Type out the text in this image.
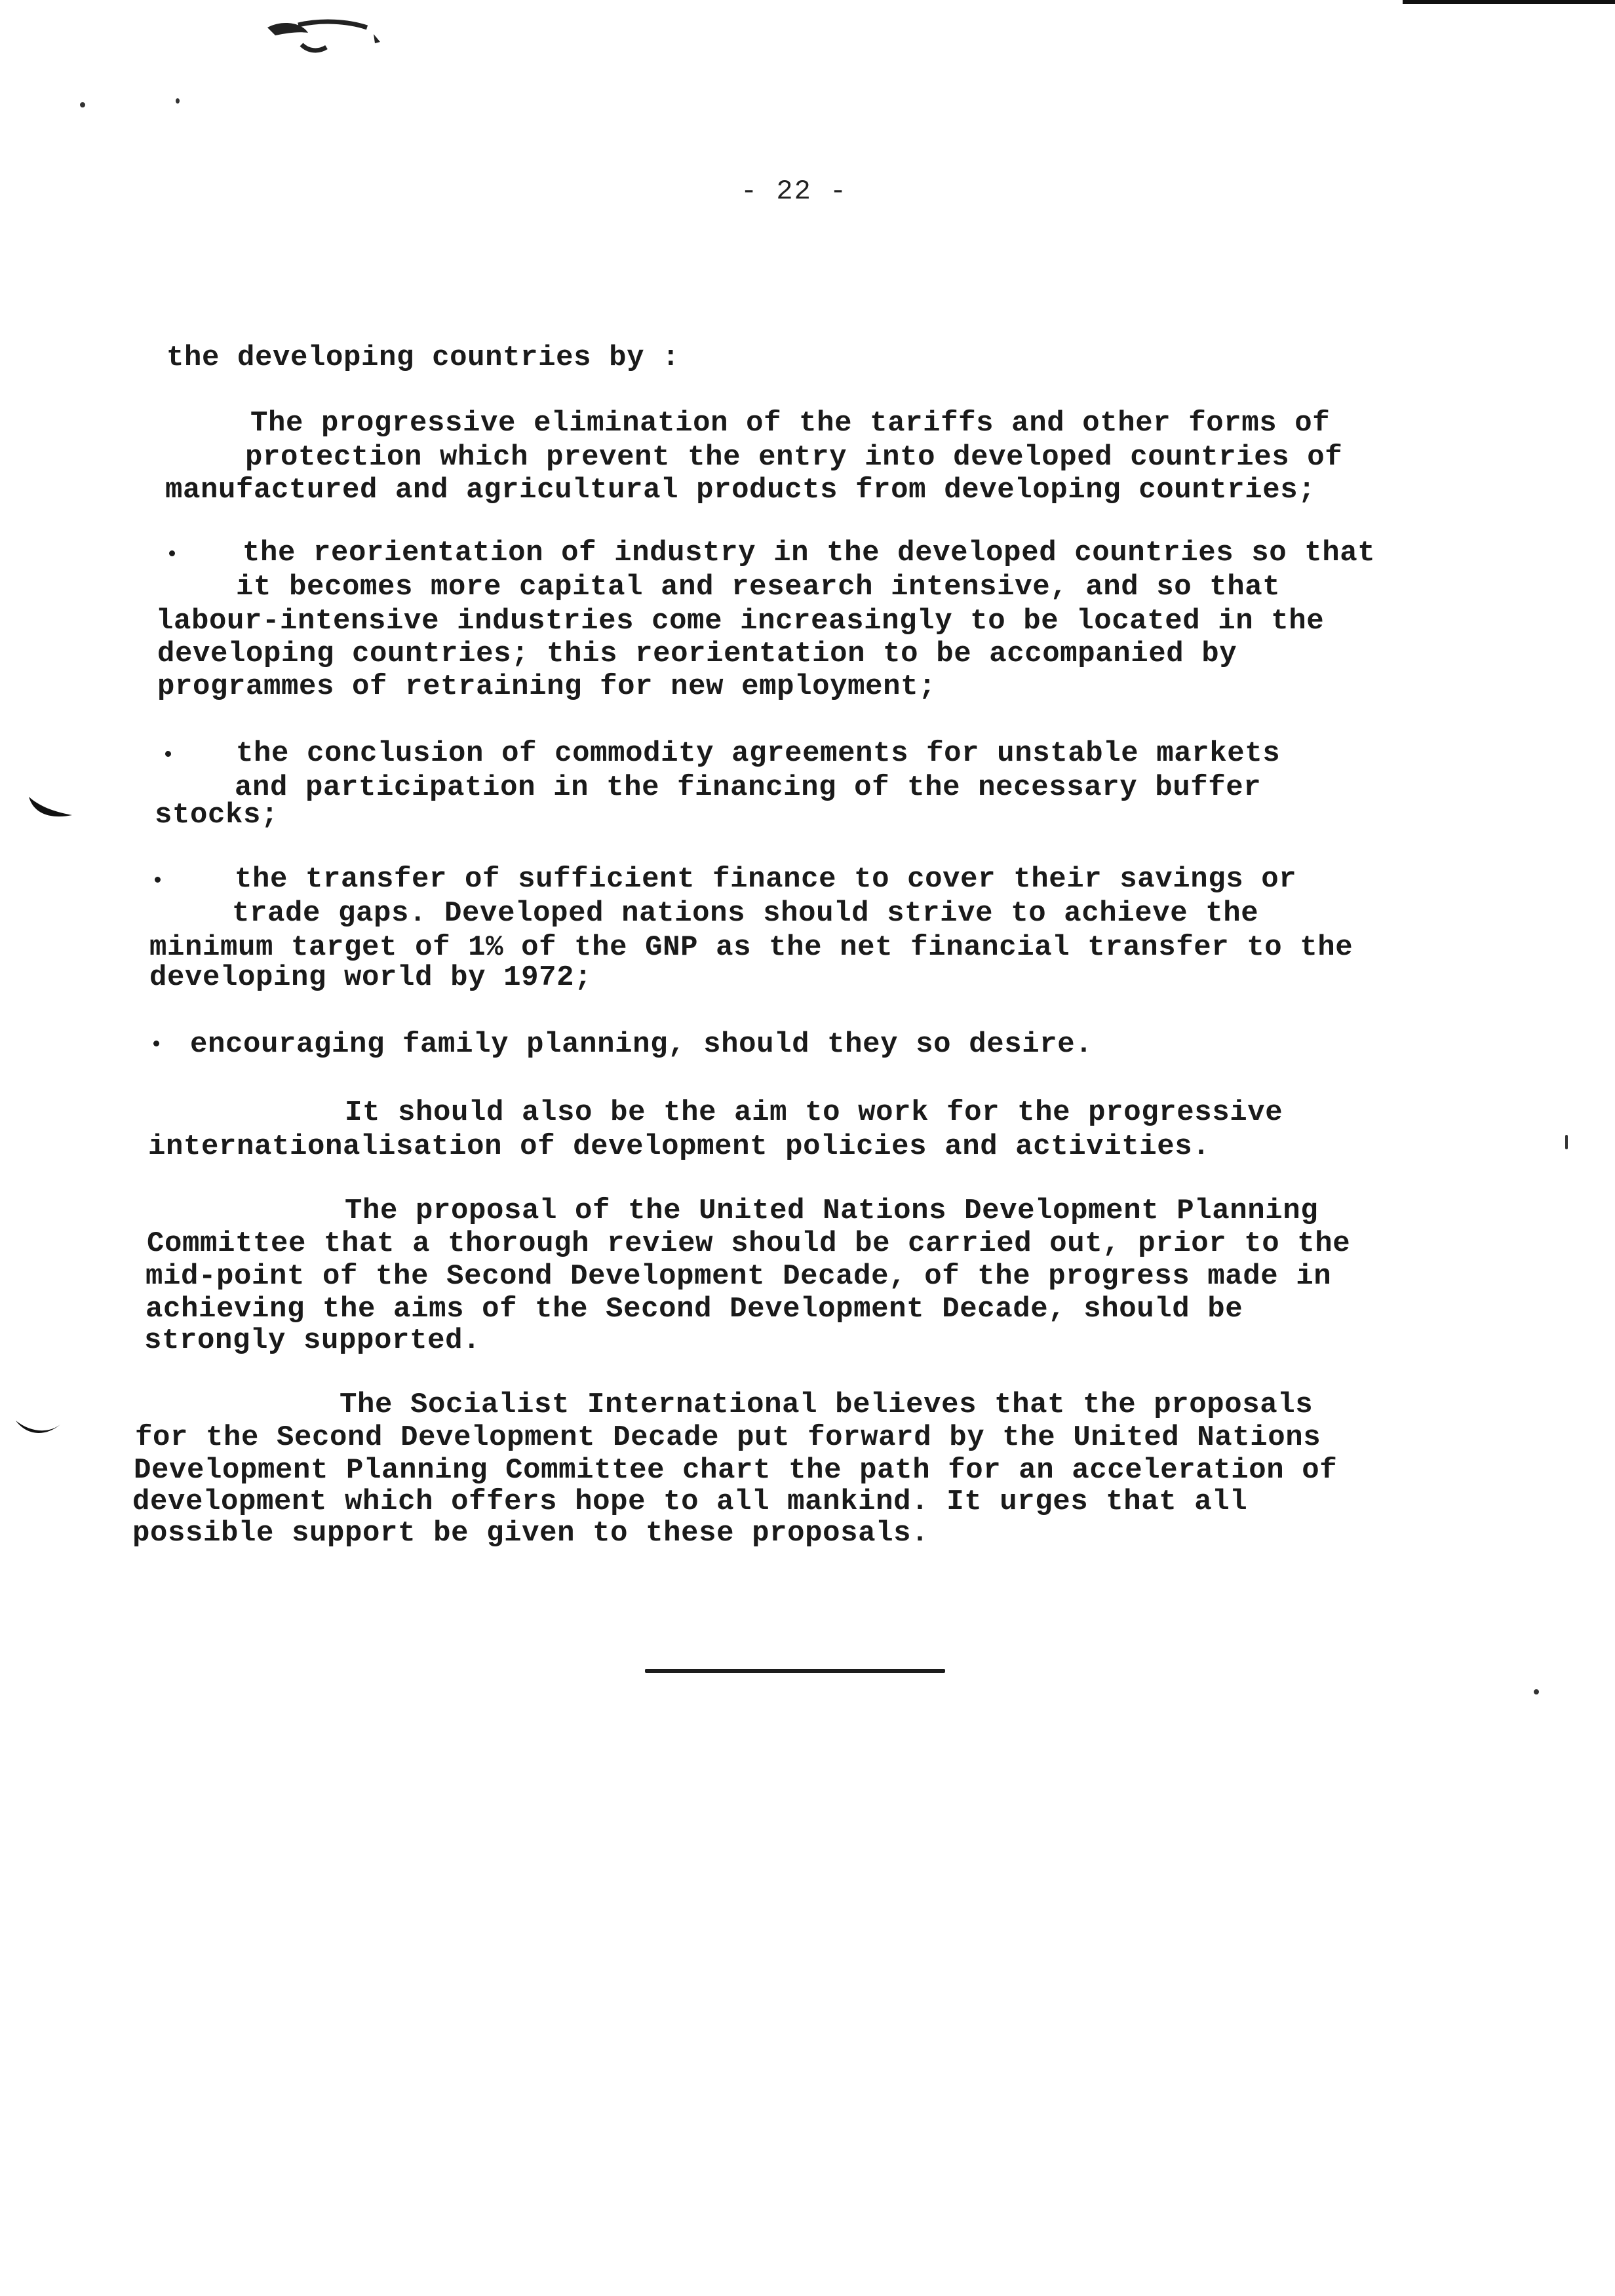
- 22 -
the developing countries by :
The progressive elimination of the tariffs and other forms of
protection which prevent the entry into developed countries of
manufactured and agricultural products from developing countries;
the reorientation of industry in the developed countries so that
it becomes more capital and research intensive, and so that
labour-intensive industries come increasingly to be located in the
developing countries; this reorientation to be accompanied by
programmes of retraining for new employment;
the conclusion of commodity agreements for unstable markets
and participation in the financing of the necessary buffer
stocks;
the transfer of sufficient finance to cover their savings or
trade gaps. Developed nations should strive to achieve the
minimum target of 1% of the GNP as the net financial transfer to the
developing world by 1972;
encouraging family planning, should they so desire.
It should also be the aim to work for the progressive
internationalisation of development policies and activities.
The proposal of the United Nations Development Planning
Committee that a thorough review should be carried out, prior to the
mid-point of the Second Development Decade, of the progress made in
achieving the aims of the Second Development Decade, should be
strongly supported.
The Socialist International believes that the proposals
for the Second Development Decade put forward by the United Nations
Development Planning Committee chart the path for an acceleration of
development which offers hope to all mankind. It urges that all
possible support be given to these proposals.
